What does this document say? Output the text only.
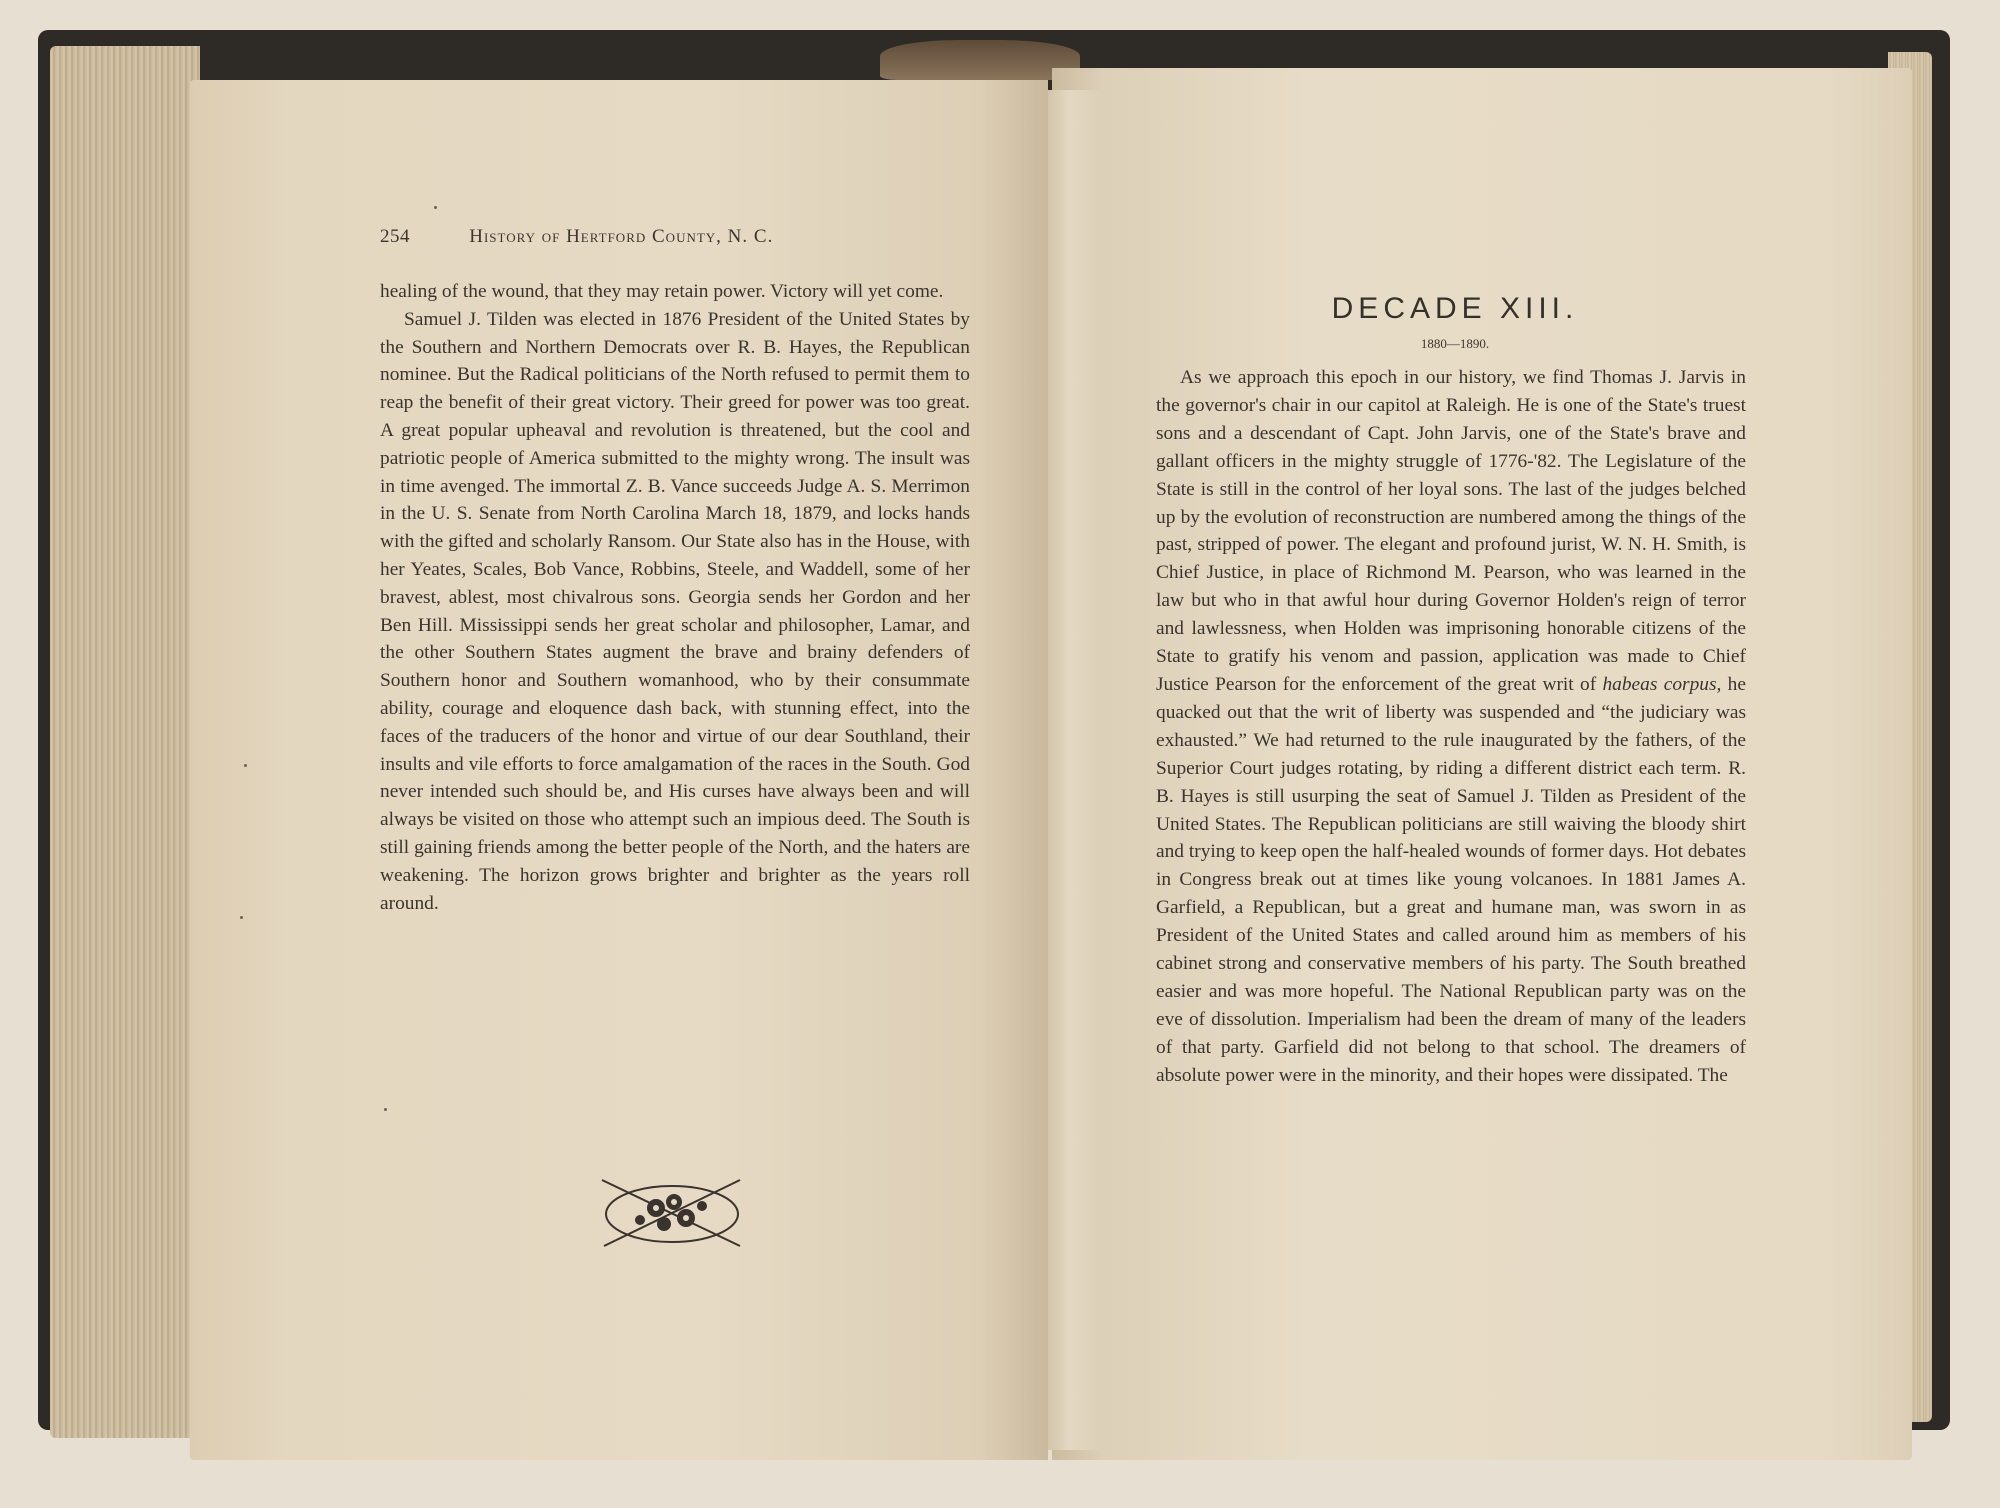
254	History of Hertford County, N. C.

healing of the wound, that they may retain power. Victory will yet come.

Samuel J. Tilden was elected in 1876 President of the United States by the Southern and Northern Democrats over R. B. Hayes, the Republican nominee. But the Radical politicians of the North refused to permit them to reap the benefit of their great victory. Their greed for power was too great. A great popular upheaval and revolution is threatened, but the cool and patriotic people of America submitted to the mighty wrong. The insult was in time avenged. The immortal Z. B. Vance succeeds Judge A. S. Merrimon in the U. S. Senate from North Carolina March 18, 1879, and locks hands with the gifted and scholarly Ransom. Our State also has in the House, with her Yeates, Scales, Bob Vance, Robbins, Steele, and Waddell, some of her bravest, ablest, most chivalrous sons. Georgia sends her Gordon and her Ben Hill. Mississippi sends her great scholar and philosopher, Lamar, and the other Southern States augment the brave and brainy defenders of Southern honor and Southern womanhood, who by their consummate ability, courage and eloquence dash back, with stunning effect, into the faces of the traducers of the honor and virtue of our dear Southland, their insults and vile efforts to force amalgamation of the races in the South. God never intended such should be, and His curses have always been and will always be visited on those who attempt such an impious deed. The South is still gaining friends among the better people of the North, and the haters are weakening. The horizon grows brighter and brighter as the years roll around.

DECADE XIII.
1880—1890.

As we approach this epoch in our history, we find Thomas J. Jarvis in the governor's chair in our capitol at Raleigh. He is one of the State's truest sons and a descendant of Capt. John Jarvis, one of the State's brave and gallant officers in the mighty struggle of 1776-'82. The Legislature of the State is still in the control of her loyal sons. The last of the judges belched up by the evolution of reconstruction are numbered among the things of the past, stripped of power. The elegant and profound jurist, W. N. H. Smith, is Chief Justice, in place of Richmond M. Pearson, who was learned in the law but who in that awful hour during Governor Holden's reign of terror and lawlessness, when Holden was imprisoning honorable citizens of the State to gratify his venom and passion, application was made to Chief Justice Pearson for the enforcement of the great writ of habeas corpus, he quacked out that the writ of liberty was suspended and “the judiciary was exhausted.” We had returned to the rule inaugurated by the fathers, of the Superior Court judges rotating, by riding a different district each term. R. B. Hayes is still usurping the seat of Samuel J. Tilden as President of the United States. The Republican politicians are still waiving the bloody shirt and trying to keep open the half-healed wounds of former days. Hot debates in Congress break out at times like young volcanoes. In 1881 James A. Garfield, a Republican, but a great and humane man, was sworn in as President of the United States and called around him as members of his cabinet strong and conservative members of his party. The South breathed easier and was more hopeful. The National Republican party was on the eve of dissolution. Imperialism had been the dream of many of the leaders of that party. Garfield did not belong to that school. The dreamers of absolute power were in the minority, and their hopes were dissipated. The
